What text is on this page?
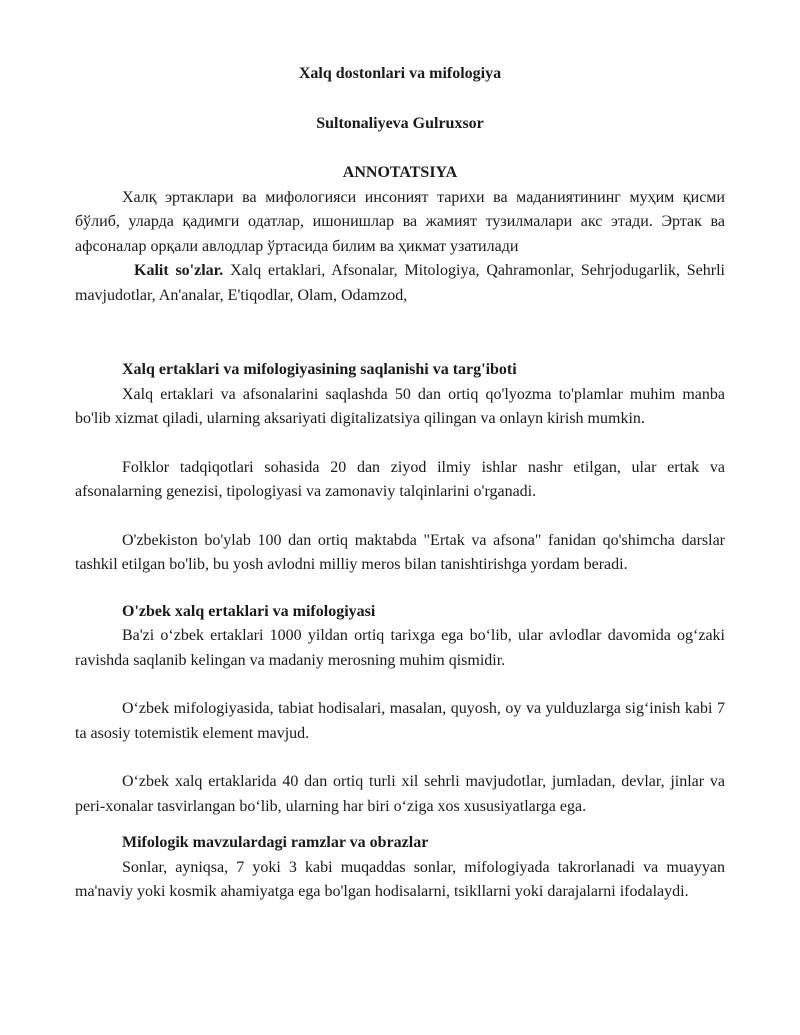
Xalq dostonlari va mifologiya
Sultonaliyeva Gulruxsor
ANNOTATSIYA

Халқ эртаклари ва мифологияси инсоният тарихи ва маданиятининг муҳим қисми бўлиб, уларда қадимги одатлар, ишонишлар ва жамият тузилмалари акс этади. Эртак ва афсоналар орқали авлодлар ўртасида билим ва ҳикмат узатилади

Kalit so'zlar. Xalq ertaklari, Afsonalar, Mitologiya, Qahramonlar, Sehrjodugarlik, Sehrli mavjudotlar, An'analar, E'tiqodlar, Olam, Odamzod,

Xalq ertaklari va mifologiyasining saqlanishi va targ'iboti

Xalq ertaklari va afsonalarini saqlashda 50 dan ortiq qo'lyozma to'plamlar muhim manba bo'lib xizmat qiladi, ularning aksariyati digitalizatsiya qilingan va onlayn kirish mumkin.

Folklor tadqiqotlari sohasida 20 dan ziyod ilmiy ishlar nashr etilgan, ular ertak va afsonalarning genezisi, tipologiyasi va zamonaviy talqinlarini o'rganadi.

O'zbekiston bo'ylab 100 dan ortiq maktabda "Ertak va afsona" fanidan qo'shimcha darslar tashkil etilgan bo'lib, bu yosh avlodni milliy meros bilan tanishtirishga yordam beradi.

O'zbek xalq ertaklari va mifologiyasi

Ba'zi o‘zbek ertaklari 1000 yildan ortiq tarixga ega bo‘lib, ular avlodlar davomida og‘zaki ravishda saqlanib kelingan va madaniy merosning muhim qismidir.

O‘zbek mifologiyasida, tabiat hodisalari, masalan, quyosh, oy va yulduzlarga sig‘inish kabi 7 ta asosiy totemistik element mavjud.

O‘zbek xalq ertaklarida 40 dan ortiq turli xil sehrli mavjudotlar, jumladan, devlar, jinlar va peri-xonalar tasvirlangan bo‘lib, ularning har biri o‘ziga xos xususiyatlarga ega.

Mifologik mavzulardagi ramzlar va obrazlar

Sonlar, ayniqsa, 7 yoki 3 kabi muqaddas sonlar, mifologiyada takrorlanadi va muayyan ma'naviy yoki kosmik ahamiyatga ega bo'lgan hodisalarni, tsikllarni yoki darajalarni ifodalaydi.
